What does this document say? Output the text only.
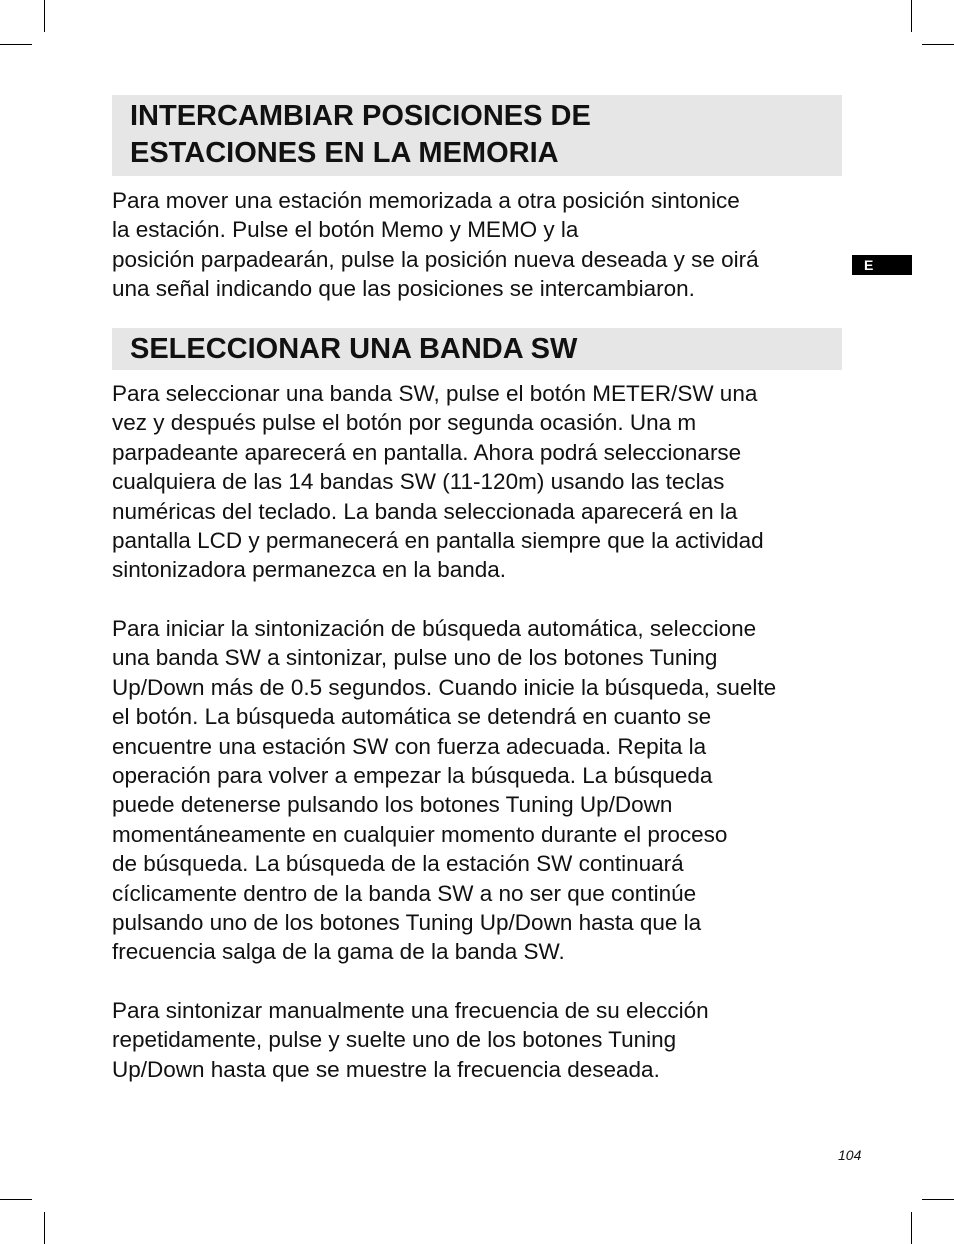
INTERCAMBIAR POSICIONES DE
ESTACIONES EN LA MEMORIA

Para mover una estación memorizada a otra posición sintonice
la estación. Pulse el botón Memo y MEMO y la
posición parpadearán, pulse la posición nueva deseada y se oirá
una señal indicando que las posiciones se intercambiaron.

SELECCIONAR UNA BANDA SW

Para seleccionar una banda SW, pulse el botón METER/SW una
vez y después pulse el botón por segunda ocasión. Una m
parpadeante aparecerá en pantalla. Ahora podrá seleccionarse
cualquiera de las 14 bandas SW (11-120m) usando las teclas
numéricas del teclado. La banda seleccionada aparecerá en la
pantalla LCD y permanecerá en pantalla siempre que la actividad
sintonizadora permanezca en la banda.

Para iniciar la sintonización de búsqueda automática, seleccione
una banda SW a sintonizar, pulse uno de los botones Tuning
Up/Down más de 0.5 segundos. Cuando inicie la búsqueda, suelte
el botón. La búsqueda automática se detendrá en cuanto se
encuentre una estación SW con fuerza adecuada. Repita la
operación para volver a empezar la búsqueda. La búsqueda
puede detenerse pulsando los botones Tuning Up/Down
momentáneamente en cualquier momento durante el proceso
de búsqueda. La búsqueda de la estación SW continuará
cíclicamente dentro de la banda SW a no ser que continúe
pulsando uno de los botones Tuning Up/Down hasta que la
frecuencia salga de la gama de la banda SW.

Para sintonizar manualmente una frecuencia de su elección
repetidamente, pulse y suelte uno de los botones Tuning
Up/Down hasta que se muestre la frecuencia deseada.

E
104
